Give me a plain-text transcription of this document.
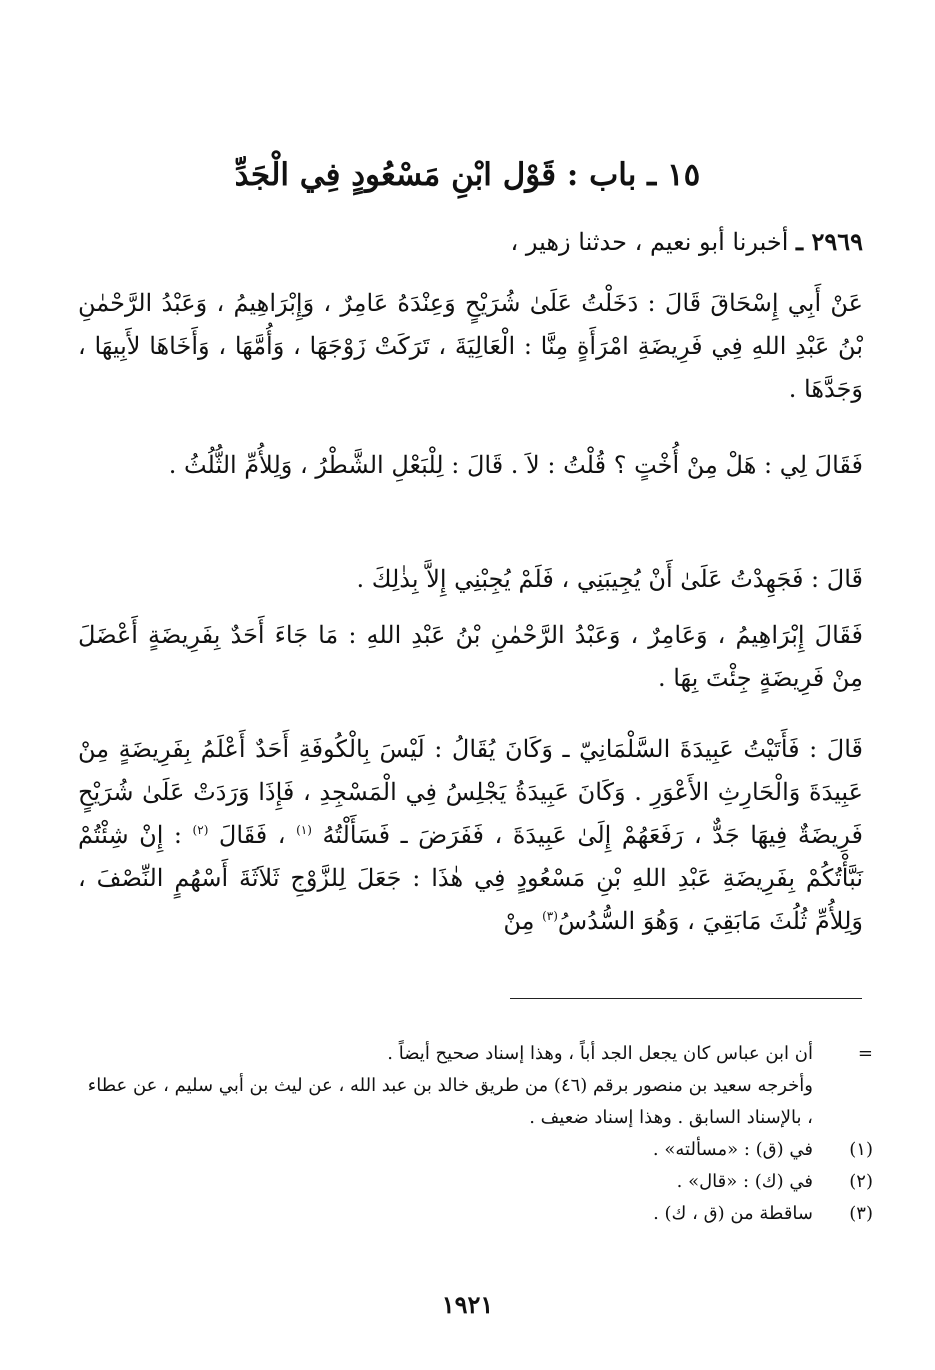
١٥ ـ باب : قَوْل ابْنِ مَسْعُودٍ فِي الْجَدِّ
٢٩٦٩ ـ أخبرنا أبو نعيم ، حدثنا زهير ،
عَنْ أَبِي إِسْحَاقَ قَالَ : دَخَلْتُ عَلَىٰ شُرَيْحٍ وَعِنْدَهُ عَامِرٌ ، وَإِبْرَاهِيمُ ، وَعَبْدُ الرَّحْمٰنِ بْنُ عَبْدِ اللهِ فِي فَرِيضَةِ امْرَأَةٍ مِنَّا : الْعَالِيَةَ ، تَرَكَتْ زَوْجَهَا ، وَأُمَّهَا ، وَأَخَاهَا لأَبِيهَا ، وَجَدَّهَا .
فَقَالَ لِي : هَلْ مِنْ أُخْتٍ ؟ قُلْتُ : لاَ . قَالَ : لِلْبَعْلِ الشَّطْرُ ، وَلِلأُمِّ الثُّلُثُ .
قَالَ : فَجَهِدْتُ عَلَىٰ أَنْ يُجِيبَنِي ، فَلَمْ يُجِبْنِي إِلاَّ بِذٰلِكَ .
فَقَالَ إِبْرَاهِيمُ ، وَعَامِرٌ ، وَعَبْدُ الرَّحْمٰنِ بْنُ عَبْدِ اللهِ : مَا جَاءَ أَحَدٌ بِفَرِيضَةٍ أَعْضَلَ مِنْ فَرِيضَةٍ جِئْتَ بِهَا .
قَالَ : فَأَتَيْتُ عَبِيدَةَ السَّلْمَانِيّ ـ وَكَانَ يُقَالُ : لَيْسَ بِالْكُوفَةِ أَحَدٌ أَعْلَمُ بِفَرِيضَةٍ مِنْ عَبِيدَةَ وَالْحَارِثِ الأَعْوَرِ . وَكَانَ عَبِيدَةُ يَجْلِسُ فِي الْمَسْجِدِ ، فَإِذَا وَرَدَتْ عَلَىٰ شُرَيْحٍ فَرِيضَةٌ فِيهَا جَدٌّ ، رَفَعَهُمْ إِلَىٰ عَبِيدَةَ ، فَفَرَضَ ـ فَسَأَلْتُهُ $^{(١)}$ ، فَقَالَ $^{(٢)}$ : إِنْ شِئْتُمْ نَبَّأْتُكُمْ بِفَرِيضَةِ عَبْدِ اللهِ بْنِ مَسْعُودٍ فِي هٰذَا : جَعَلَ لِلزَّوْجِ ثَلاَثَةَ أَسْهُمٍ النِّصْفَ ، وَلِلأُمِّ ثُلُثَ مَابَقِيَ ، وَهُوَ السُّدُسُ$^{(٣)}$ مِنْ
=
أن ابن عباس كان يجعل الجد أباً ، وهذا إسناد صحيح أيضاً .
وأخرجه سعيد بن منصور برقم (٤٦) من طريق خالد بن عبد الله ، عن ليث بن أبي سليم ، عن عطاء ، بالإسناد السابق . وهذا إسناد ضعيف .
(١)
في (ق) : «مسألته» .
(٢)
في (ك) : «قال» .
(٣)
ساقطة من (ق ، ك) .
١٩٢١
